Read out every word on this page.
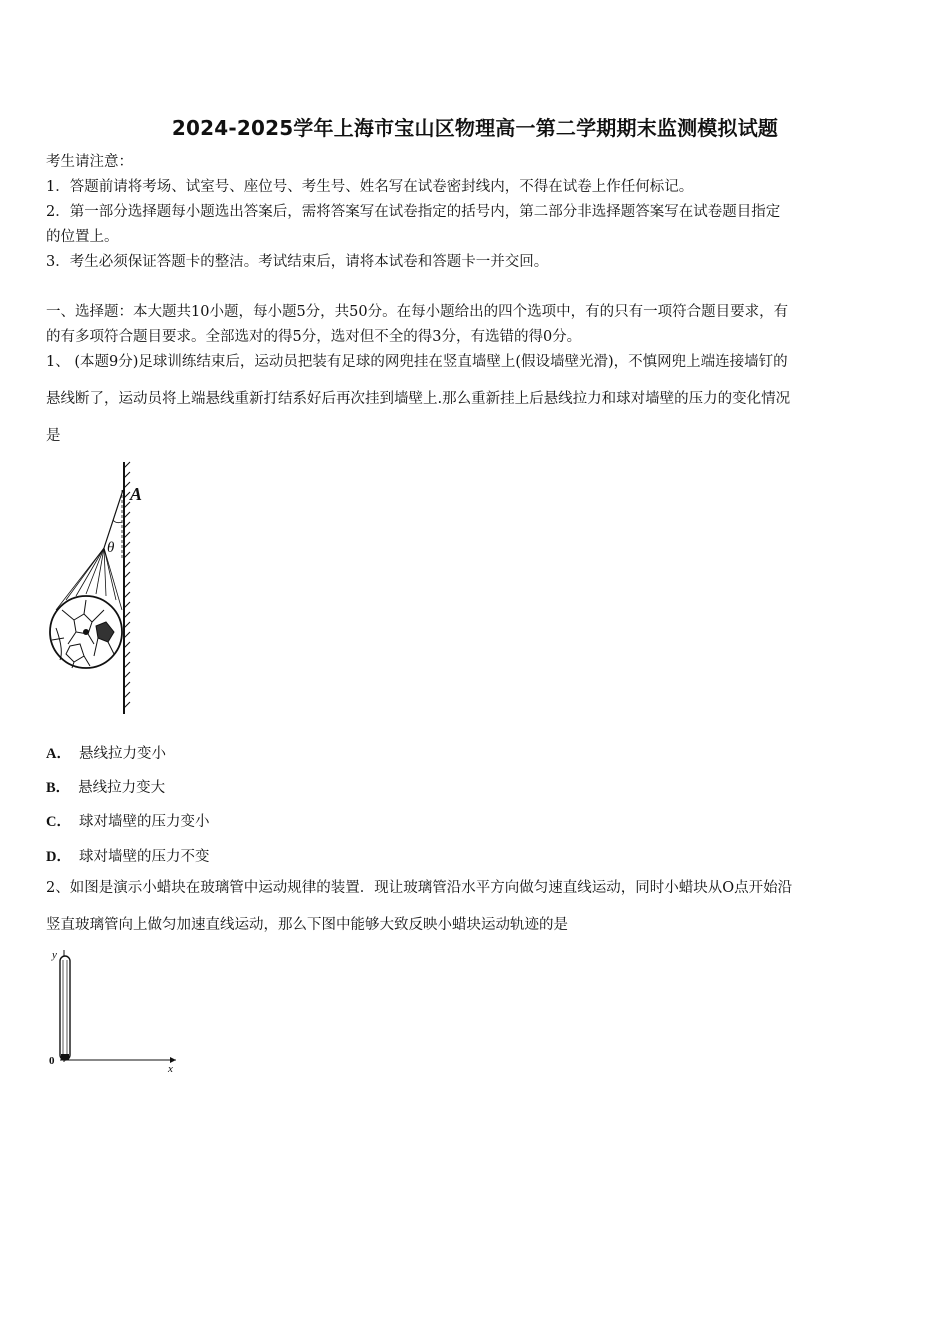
2024-2025学年上海市宝山区物理高一第二学期期末监测模拟试题
考生请注意：
1．答题前请将考场、试室号、座位号、考生号、姓名写在试卷密封线内，不得在试卷上作任何标记。
2．第一部分选择题每小题选出答案后，需将答案写在试卷指定的括号内，第二部分非选择题答案写在试卷题目指定
的位置上。
3．考生必须保证答题卡的整洁。考试结束后，请将本试卷和答题卡一并交回。
一、选择题：本大题共10小题，每小题5分，共50分。在每小题给出的四个选项中，有的只有一项符合题目要求，有
的有多项符合题目要求。全部选对的得5分，选对但不全的得3分，有选错的得0分。
1、 (本题9分)足球训练结束后，运动员把装有足球的网兜挂在竖直墙壁上(假设墙壁光滑)，不慎网兜上端连接墙钉的
悬线断了，运动员将上端悬线重新打结系好后再次挂到墙壁上.那么重新挂上后悬线拉力和球对墙壁的压力的变化情况
是
A
θ
A． 悬线拉力变小
B． 悬线拉力变大
C． 球对墙壁的压力变小
D． 球对墙壁的压力不变
2、如图是演示小蜡块在玻璃管中运动规律的装置．现让玻璃管沿水平方向做匀速直线运动，同时小蜡块从O点开始沿
竖直玻璃管向上做匀加速直线运动，那么下图中能够大致反映小蜡块运动轨迹的是
y
0
x
